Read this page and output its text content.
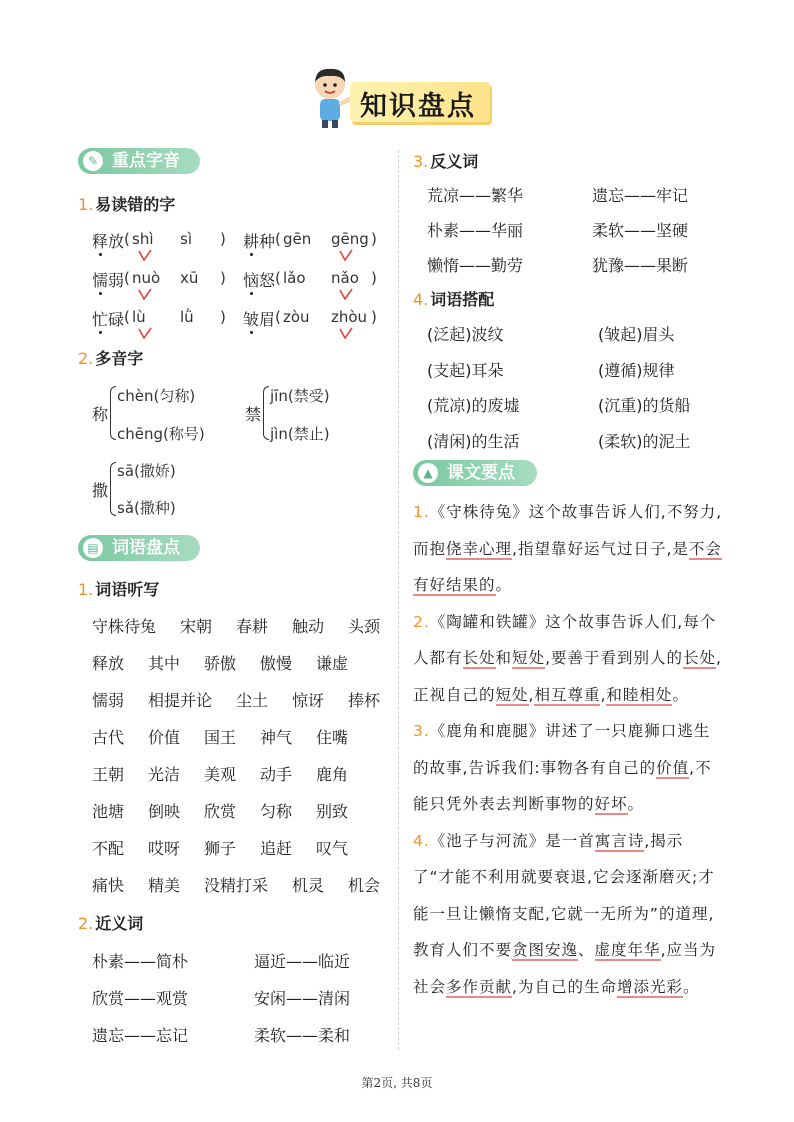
知识盘点
✎ 重点字音
1. 易读错的字
释放 ( shì sì ) 耕种 ( gēn gēng )
懦弱 ( nuò xū ) 恼怒 ( lǎo nǎo )
忙碌 ( lù lǜ ) 皱眉 ( zòu zhòu )
2. 多音字
称
chèn(匀称)
chēng(称号)
禁
jīn(禁受)
jìn(禁止)
撒
sā(撒娇)
sǎ(撒种)
▤ 词语盘点
1. 词语听写
守株待兔 宋朝 春耕 触动 头颈
释放 其中 骄傲 傲慢 谦虚
懦弱 相提并论 尘土 惊讶 捧杯
古代 价值 国王 神气 住嘴
王朝 光洁 美观 动手 鹿角
池塘 倒映 欣赏 匀称 别致
不配 哎呀 狮子 追赶 叹气
痛快 精美 没精打采 机灵 机会
2. 近义词
朴素——简朴	逼近——临近
欣赏——观赏	安闲——清闲
遗忘——忘记	柔软——柔和
3. 反义词
荒凉——繁华	遗忘——牢记
朴素——华丽	柔软——坚硬
懒惰——勤劳	犹豫——果断
4. 词语搭配
(泛起)波纹	(皱起)眉头
(支起)耳朵	(遵循)规律
(荒凉)的废墟	(沉重)的货船
(清闲)的生活	(柔软)的泥土
▲ 课文要点
1.《守株待兔》这个故事告诉人们,不努力,而抱侥幸心理,指望靠好运气过日子,是不会有好结果的。
2.《陶罐和铁罐》这个故事告诉人们,每个人都有长处和短处,要善于看到别人的长处,正视自己的短处,相互尊重,和睦相处。
3.《鹿角和鹿腿》讲述了一只鹿狮口逃生的故事,告诉我们:事物各有自己的价值,不能只凭外表去判断事物的好坏。
4.《池子与河流》是一首寓言诗,揭示了“才能不利用就要衰退,它会逐渐磨灭;才能一旦让懒惰支配,它就一无所为”的道理,教育人们不要贪图安逸、虚度年华,应当为社会多作贡献,为自己的生命增添光彩。
第2页, 共8页
